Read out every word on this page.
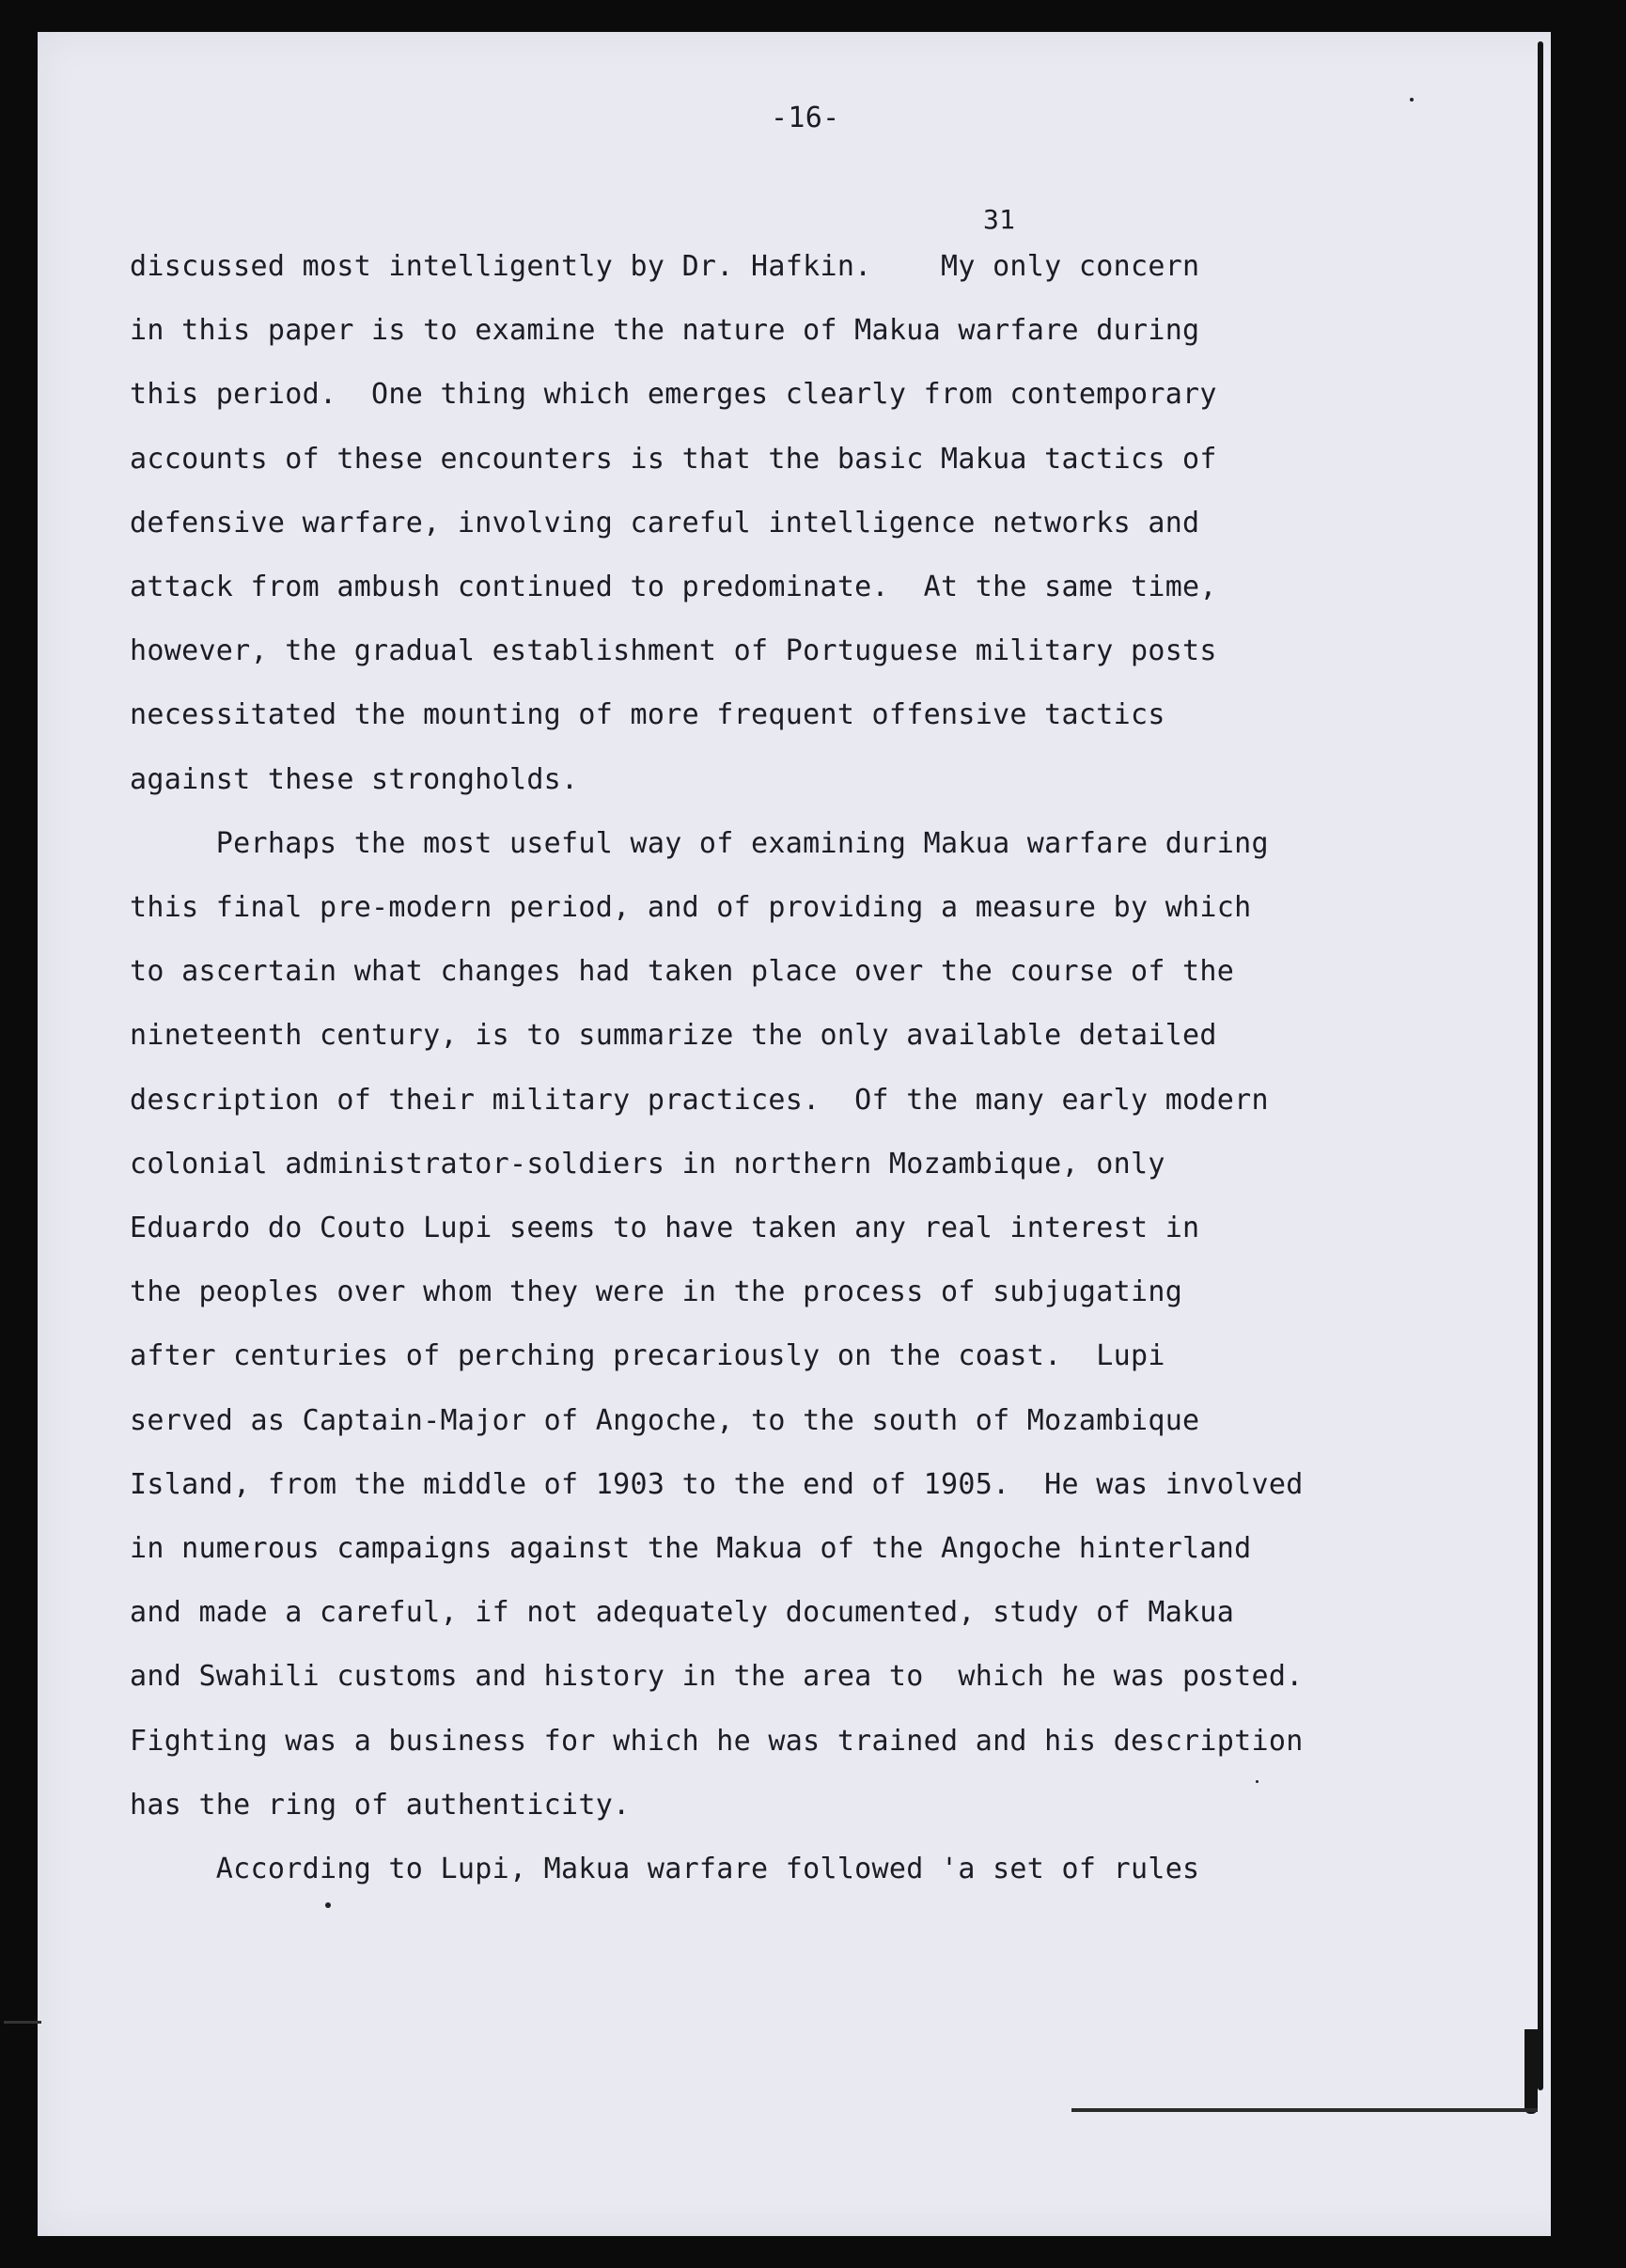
-16-
31
discussed most intelligently by Dr. Hafkin.    My only concern
in this paper is to examine the nature of Makua warfare during
this period.  One thing which emerges clearly from contemporary
accounts of these encounters is that the basic Makua tactics of
defensive warfare, involving careful intelligence networks and
attack from ambush continued to predominate.  At the same time,
however, the gradual establishment of Portuguese military posts
necessitated the mounting of more frequent offensive tactics
against these strongholds.
Perhaps the most useful way of examining Makua warfare during
this final pre-modern period, and of providing a measure by which
to ascertain what changes had taken place over the course of the
nineteenth century, is to summarize the only available detailed
description of their military practices.  Of the many early modern
colonial administrator-soldiers in northern Mozambique, only
Eduardo do Couto Lupi seems to have taken any real interest in
the peoples over whom they were in the process of subjugating
after centuries of perching precariously on the coast.  Lupi
served as Captain-Major of Angoche, to the south of Mozambique
Island, from the middle of 1903 to the end of 1905.  He was involved
in numerous campaigns against the Makua of the Angoche hinterland
and made a careful, if not adequately documented, study of Makua
and Swahili customs and history in the area to  which he was posted.
Fighting was a business for which he was trained and his description
has the ring of authenticity.
According to Lupi, Makua warfare followed 'a set of rules
